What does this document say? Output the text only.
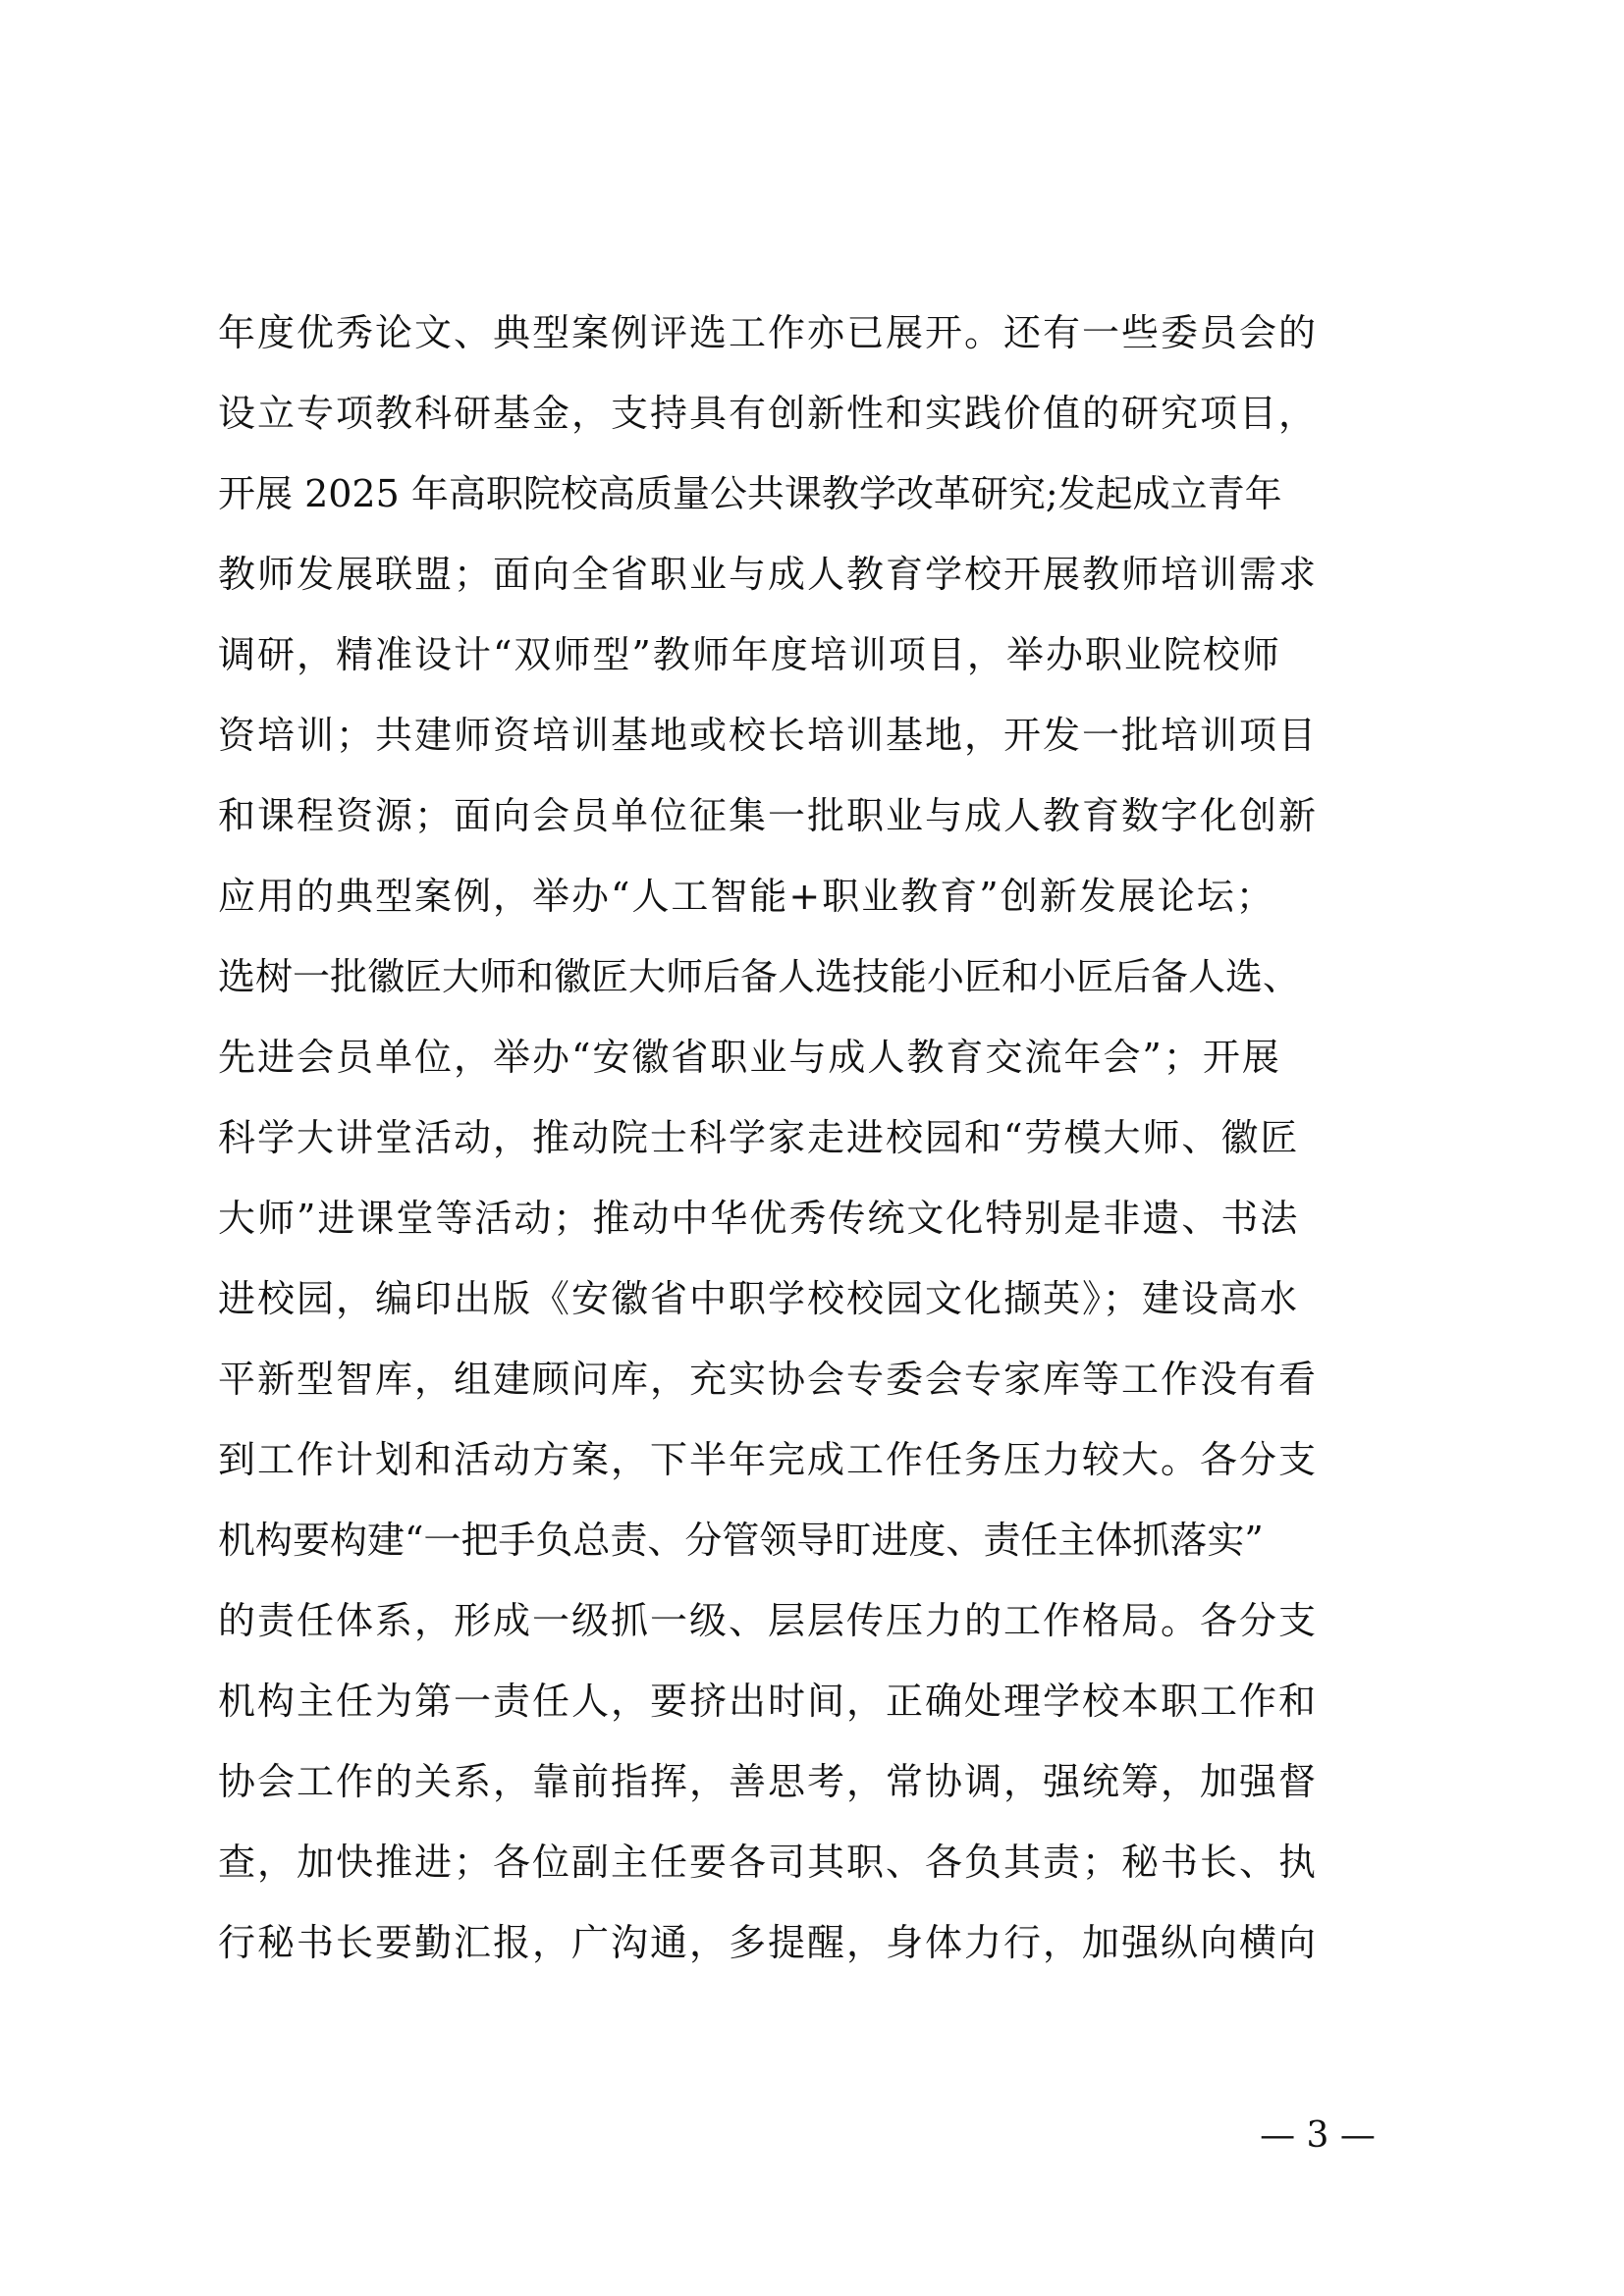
年度优秀论文、典型案例评选工作亦已展开。还有一些委员会的
设立专项教科研基金，支持具有创新性和实践价值的研究项目，
开展 2025 年高职院校高质量公共课教学改革研究;发起成立青年
教师发展联盟；面向全省职业与成人教育学校开展教师培训需求
调研，精准设计“双师型”教师年度培训项目，举办职业院校师
资培训；共建师资培训基地或校长培训基地，开发一批培训项目
和课程资源；面向会员单位征集一批职业与成人教育数字化创新
应用的典型案例，举办“人工智能+职业教育”创新发展论坛；
选树一批徽匠大师和徽匠大师后备人选技能小匠和小匠后备人选、
先进会员单位，举办“安徽省职业与成人教育交流年会”；开展
科学大讲堂活动，推动院士科学家走进校园和“劳模大师、徽匠
大师”进课堂等活动；推动中华优秀传统文化特别是非遗、书法
进校园，编印出版《安徽省中职学校校园文化撷英》；建设高水
平新型智库，组建顾问库，充实协会专委会专家库等工作没有看
到工作计划和活动方案，下半年完成工作任务压力较大。各分支
机构要构建“一把手负总责、分管领导盯进度、责任主体抓落实”
的责任体系，形成一级抓一级、层层传压力的工作格局。各分支
机构主任为第一责任人，要挤出时间，正确处理学校本职工作和
协会工作的关系，靠前指挥，善思考，常协调，强统筹，加强督
查，加快推进；各位副主任要各司其职、各负其责；秘书长、执
行秘书长要勤汇报，广沟通，多提醒，身体力行，加强纵向横向
— 3 —
